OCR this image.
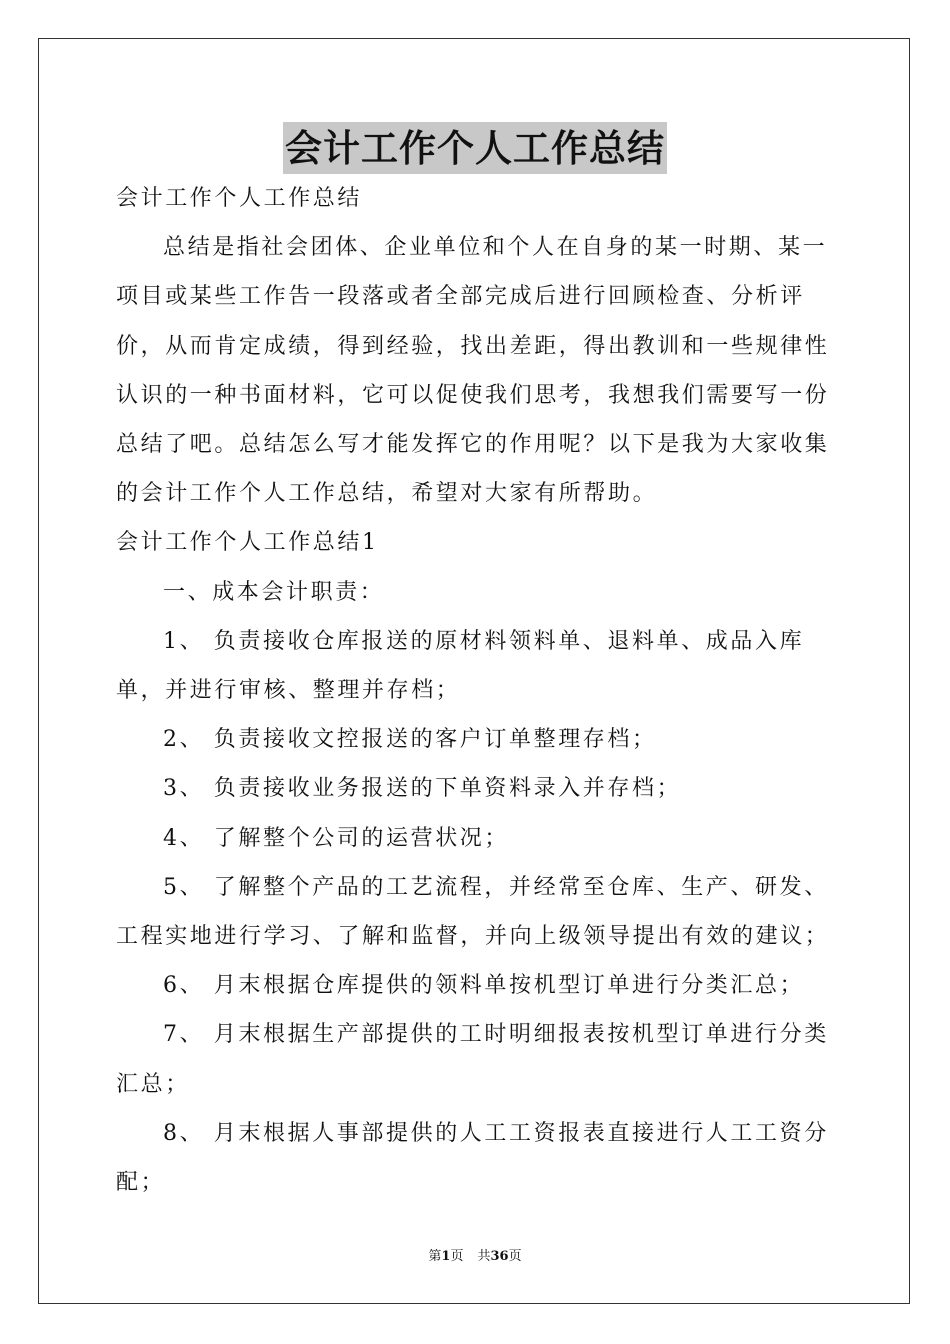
会计工作个人工作总结

会计工作个人工作总结

总结是指社会团体、企业单位和个人在自身的某一时期、某一项目或某些工作告一段落或者全部完成后进行回顾检查、分析评价，从而肯定成绩，得到经验，找出差距，得出教训和一些规律性认识的一种书面材料，它可以促使我们思考，我想我们需要写一份总结了吧。总结怎么写才能发挥它的作用呢？以下是我为大家收集的会计工作个人工作总结，希望对大家有所帮助。

会计工作个人工作总结1

一、成本会计职责：

1、 负责接收仓库报送的原材料领料单、退料单、成品入库单，并进行审核、整理并存档；

2、 负责接收文控报送的客户订单整理存档；

3、 负责接收业务报送的下单资料录入并存档；

4、 了解整个公司的运营状况；

5、 了解整个产品的工艺流程，并经常至仓库、生产、研发、工程实地进行学习、了解和监督，并向上级领导提出有效的建议；

6、 月末根据仓库提供的领料单按机型订单进行分类汇总；

7、 月末根据生产部提供的工时明细报表按机型订单进行分类汇总；

8、 月末根据人事部提供的人工工资报表直接进行人工工资分配；

第1页 共36页
